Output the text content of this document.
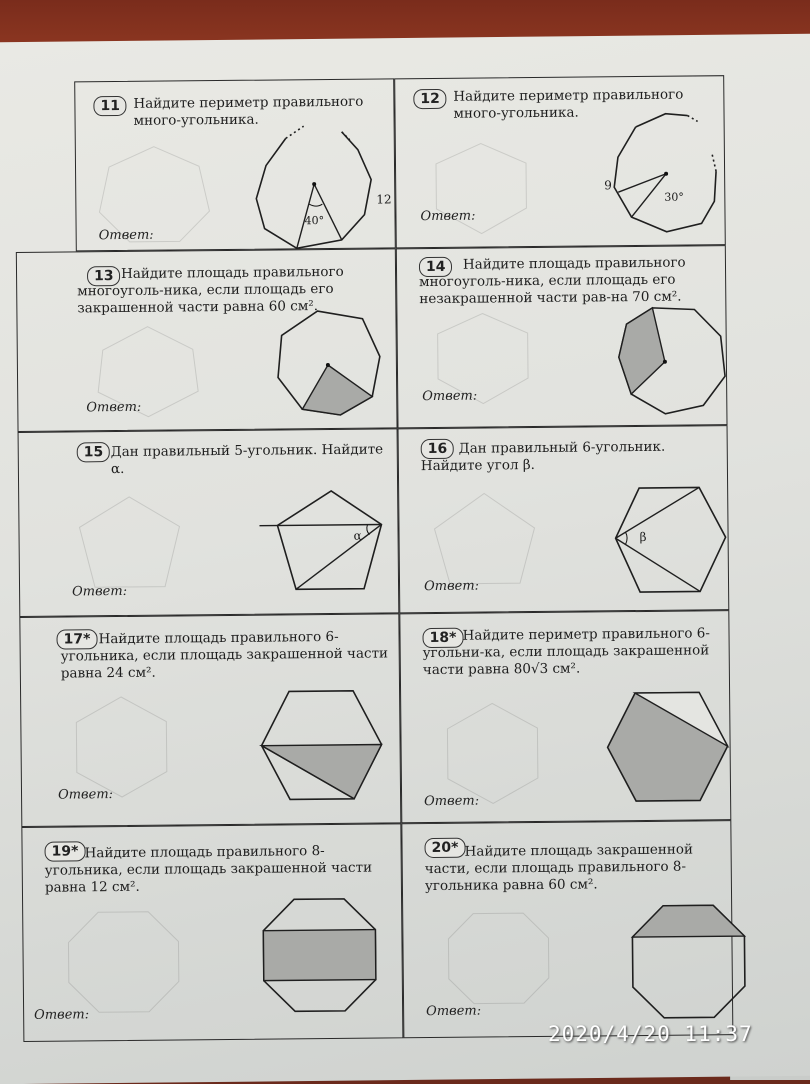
11 Найдите периметр правильного много-угольника.
40°
12
Ответ:
12 Найдите периметр правильного много-угольника.
9
30°
Ответ:
13 Найдите площадь правильного многоуголь-ника, если площадь его закрашенной части равна 60 см².
Ответ:
14	Найдите площадь правильного многоуголь-ника, если площадь его незакрашенной части рав-на 70 см².
Ответ:
15 Дан правильный 5-угольник. Найдите α.
α
Ответ:
16 Дан правильный 6-угольник. Найдите угол β.
β
Ответ:
17* Найдите площадь правильного 6-угольника, если площадь закрашенной части равна 24 см².
Ответ:
18* Найдите периметр правильного 6-угольни-ка, если площадь закрашенной части равна 80√3 см².
Ответ:
19* Найдите площадь правильного 8-угольника, если площадь закрашенной части равна 12 см².
Ответ:
20* Найдите площадь закрашенной части, если площадь правильного 8-угольника равна 60 см².
Ответ:
2020/4/20 11:37
